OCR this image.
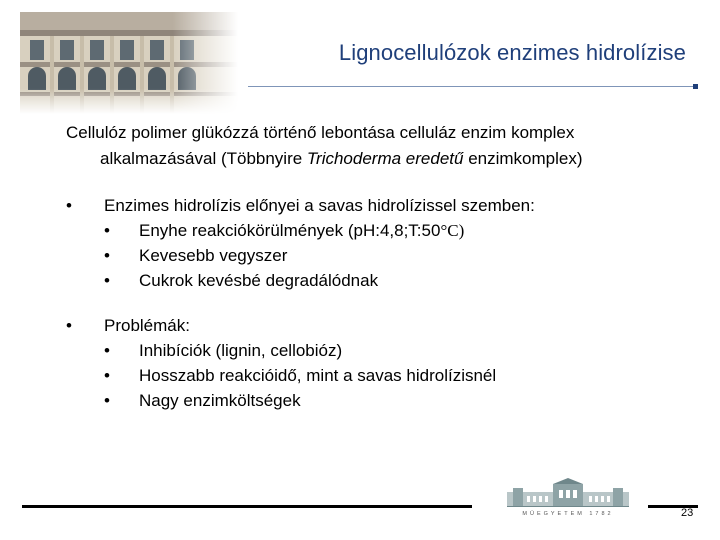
Lignocellulózok enzimes hidrolízise
Cellulóz polimer glükózzá történő lebontása celluláz enzim komplex
alkalmazásával (Többnyire Trichoderma eredetű enzimkomplex)
•	Enzimes hidrolízis előnyei a savas hidrolízissel szemben:
•	Enyhe reakciókörülmények (pH:4,8;T:50°C)
•	Kevesebb vegyszer
•	Cukrok kevésbé degradálódnak
•	Problémák:
•	Inhibíciók (lignin, cellobióz)
•	Hosszabb reakcióidő, mint a savas hidrolízisnél
•	Nagy enzimköltségek
MŰEGYETEM 1782	23
